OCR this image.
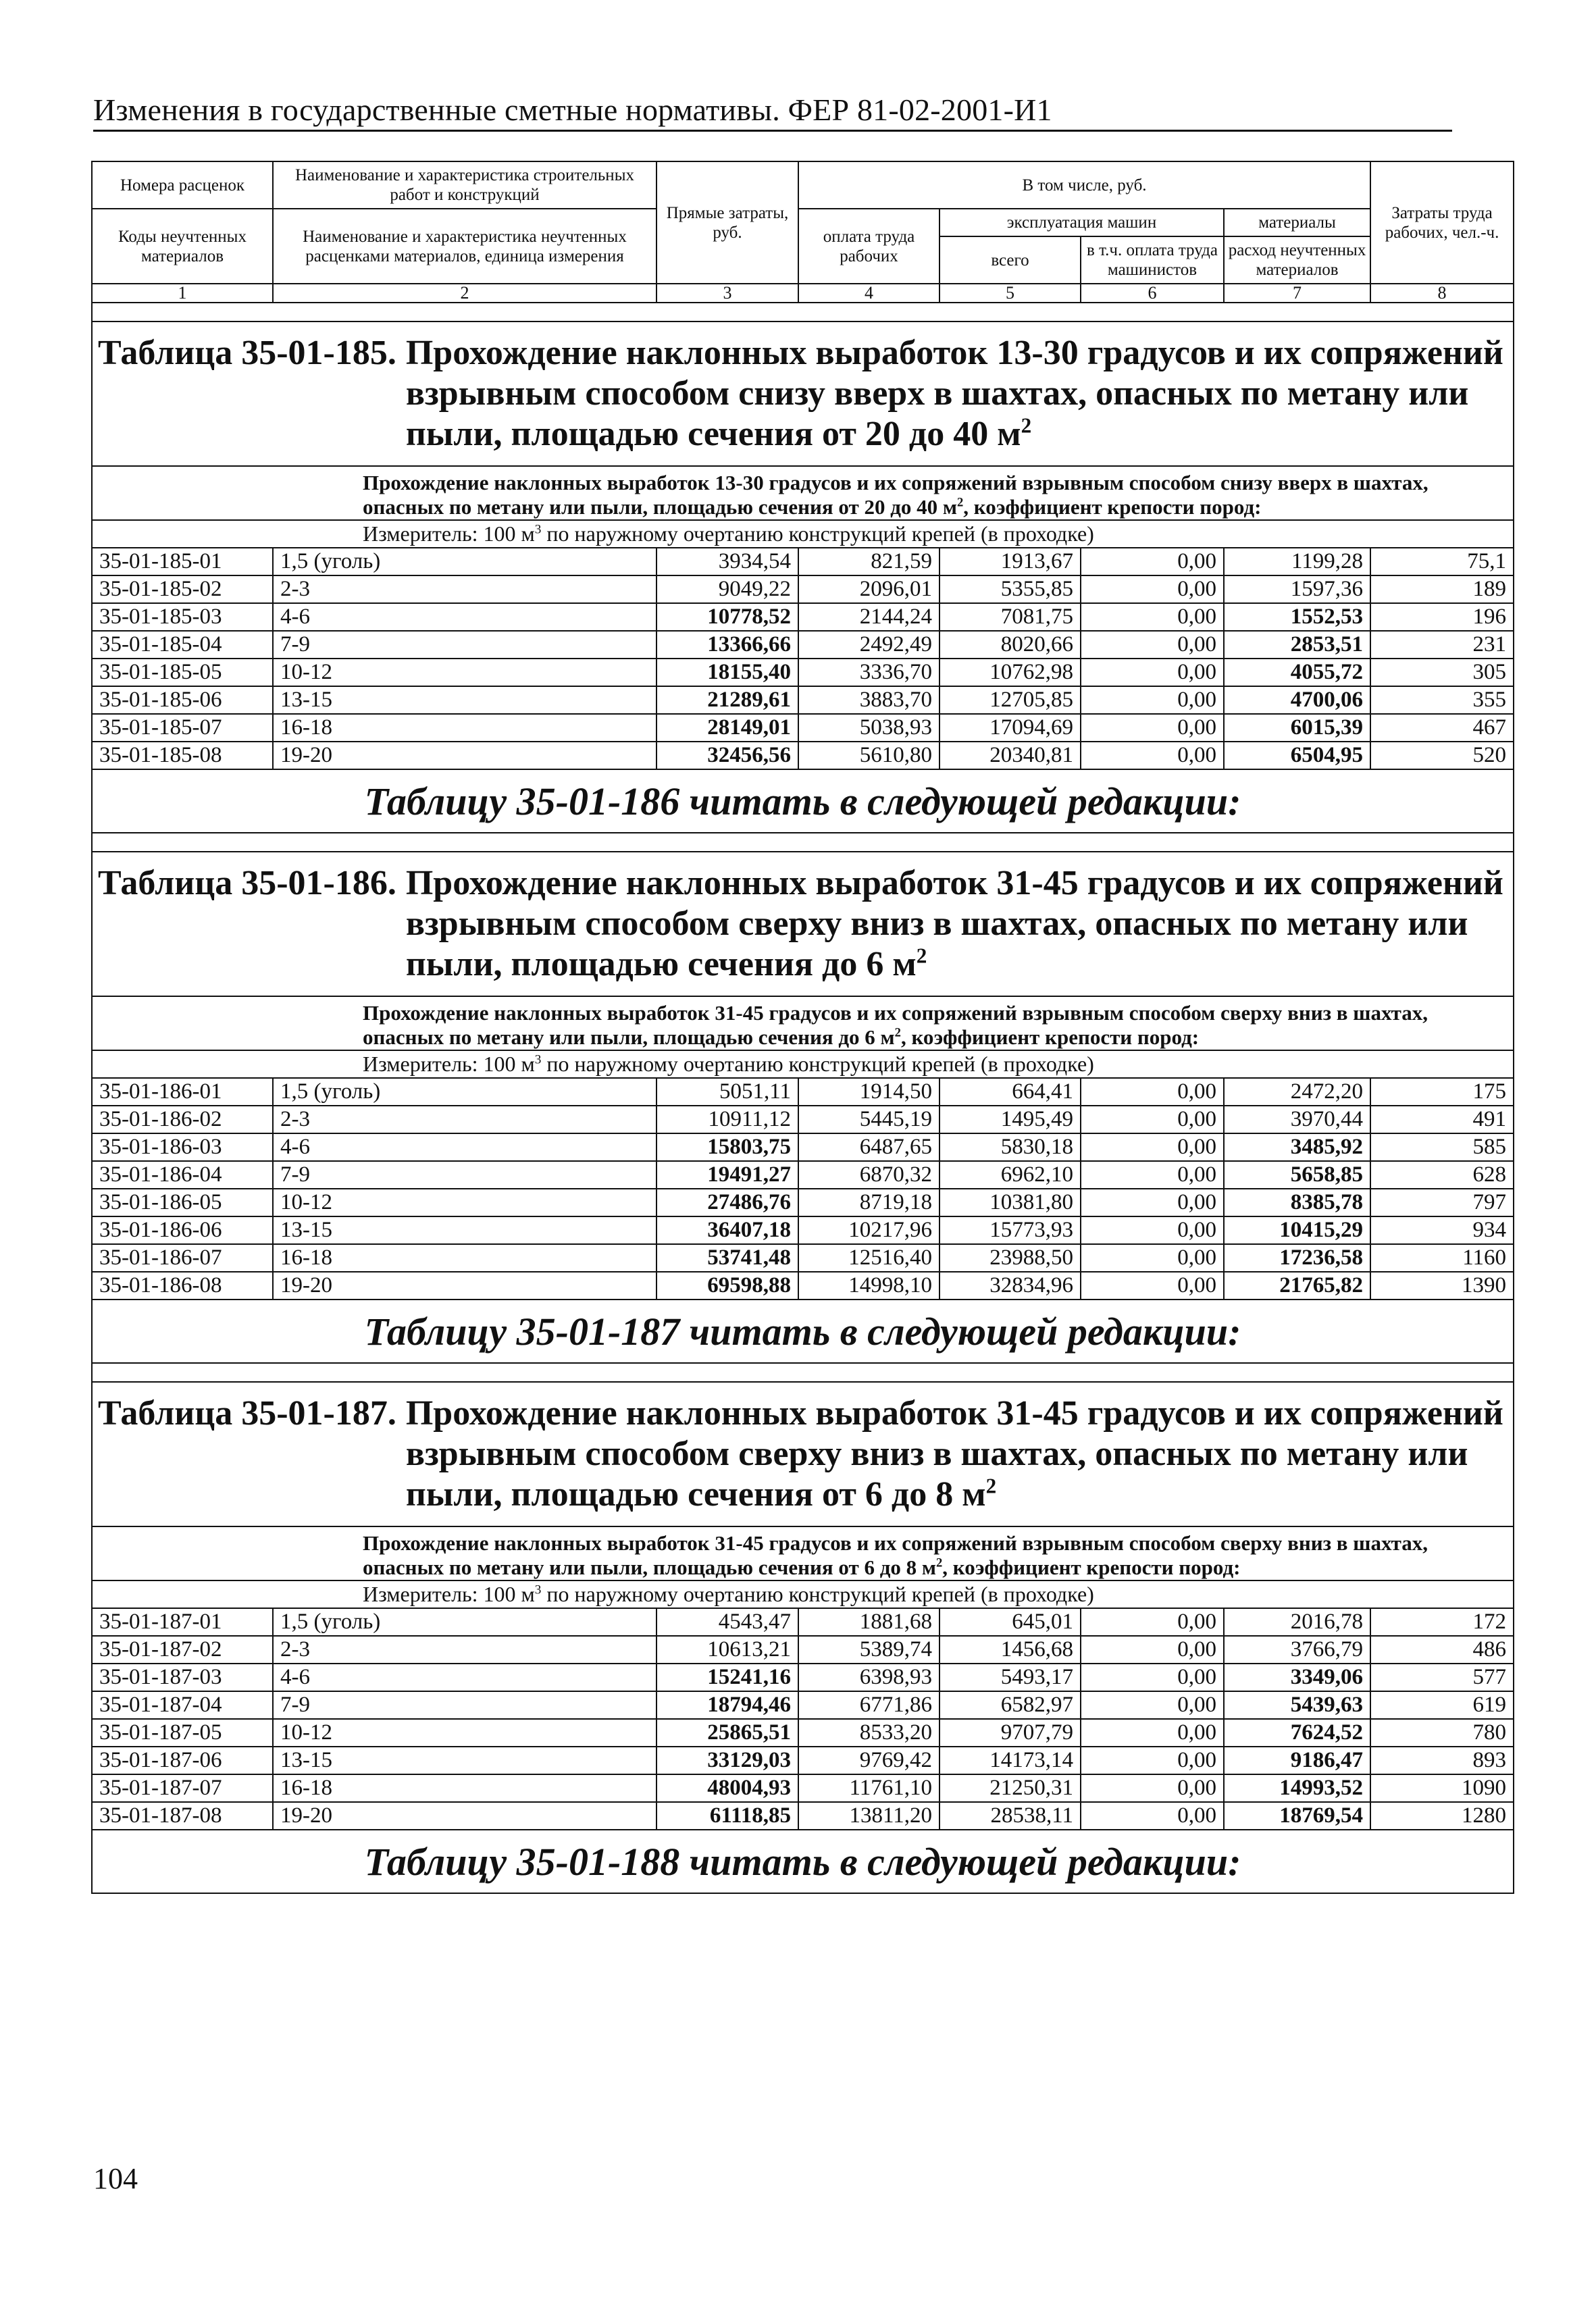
Изменения в государственные сметные нормативы. ФЕР 81-02-2001-И1
Номера расценок	Наименование и характеристика строительных работ и конструкций	Прямые затраты, руб.	В том числе, руб.				Затраты труда рабочих, чел.-ч.
Коды неучтенных материалов	Наименование и характеристика неучтенных расценками материалов, единица измерения		оплата труда рабочих	эксплуатация машин		материалы	
				всего	в т.ч. оплата труда машинистов	расход неучтенных материалов	
1	2	3	4	5	6	7	8

Таблица 35-01-185. Прохождение наклонных выработок 13-30 градусов и их сопряжений взрывным способом снизу вверх в шахтах, опасных по метану или пыли, площадью сечения от 20 до 40 $м^2$

Прохождение наклонных выработок 13-30 градусов и их сопряжений взрывным способом снизу вверх в шахтах, опасных по метану или пыли, площадью сечения от 20 до 40 $м^2$, коэффициент крепости пород:							
Измеритель: 100 $м^3$ по наружному очертанию конструкций крепей (в проходке)							
35-01-185-01	1,5 (уголь)	3934,54	821,59	1913,67	0,00	1199,28	75,1
35-01-185-02	2-3	9049,22	2096,01	5355,85	0,00	1597,36	189
35-01-185-03	4-6	10778,52	2144,24	7081,75	0,00	1552,53	196
35-01-185-04	7-9	13366,66	2492,49	8020,66	0,00	2853,51	231
35-01-185-05	10-12	18155,40	3336,70	10762,98	0,00	4055,72	305
35-01-185-06	13-15	21289,61	3883,70	12705,85	0,00	4700,06	355
35-01-185-07	16-18	28149,01	5038,93	17094,69	0,00	6015,39	467
35-01-185-08	19-20	32456,56	5610,80	20340,81	0,00	6504,95	520
Таблицу 35-01-186 читать в следующей редакции:							

Таблица 35-01-186. Прохождение наклонных выработок 31-45 градусов и их сопряжений взрывным способом сверху вниз в шахтах, опасных по метану или пыли, площадью сечения до 6 $м^2$

Прохождение наклонных выработок 31-45 градусов и их сопряжений взрывным способом сверху вниз в шахтах, опасных по метану или пыли, площадью сечения до 6 $м^2$, коэффициент крепости пород:							
Измеритель: 100 $м^3$ по наружному очертанию конструкций крепей (в проходке)							
35-01-186-01	1,5 (уголь)	5051,11	1914,50	664,41	0,00	2472,20	175
35-01-186-02	2-3	10911,12	5445,19	1495,49	0,00	3970,44	491
35-01-186-03	4-6	15803,75	6487,65	5830,18	0,00	3485,92	585
35-01-186-04	7-9	19491,27	6870,32	6962,10	0,00	5658,85	628
35-01-186-05	10-12	27486,76	8719,18	10381,80	0,00	8385,78	797
35-01-186-06	13-15	36407,18	10217,96	15773,93	0,00	10415,29	934
35-01-186-07	16-18	53741,48	12516,40	23988,50	0,00	17236,58	1160
35-01-186-08	19-20	69598,88	14998,10	32834,96	0,00	21765,82	1390
Таблицу 35-01-187 читать в следующей редакции:							

Таблица 35-01-187. Прохождение наклонных выработок 31-45 градусов и их сопряжений взрывным способом сверху вниз в шахтах, опасных по метану или пыли, площадью сечения от 6 до 8 $м^2$

Прохождение наклонных выработок 31-45 градусов и их сопряжений взрывным способом сверху вниз в шахтах, опасных по метану или пыли, площадью сечения от 6 до 8 $м^2$, коэффициент крепости пород:							
Измеритель: 100 $м^3$ по наружному очертанию конструкций крепей (в проходке)							
35-01-187-01	1,5 (уголь)	4543,47	1881,68	645,01	0,00	2016,78	172
35-01-187-02	2-3	10613,21	5389,74	1456,68	0,00	3766,79	486
35-01-187-03	4-6	15241,16	6398,93	5493,17	0,00	3349,06	577
35-01-187-04	7-9	18794,46	6771,86	6582,97	0,00	5439,63	619
35-01-187-05	10-12	25865,51	8533,20	9707,79	0,00	7624,52	780
35-01-187-06	13-15	33129,03	9769,42	14173,14	0,00	9186,47	893
35-01-187-07	16-18	48004,93	11761,10	21250,31	0,00	14993,52	1090
35-01-187-08	19-20	61118,85	13811,20	28538,11	0,00	18769,54	1280
Таблицу 35-01-188 читать в следующей редакции:							
104
